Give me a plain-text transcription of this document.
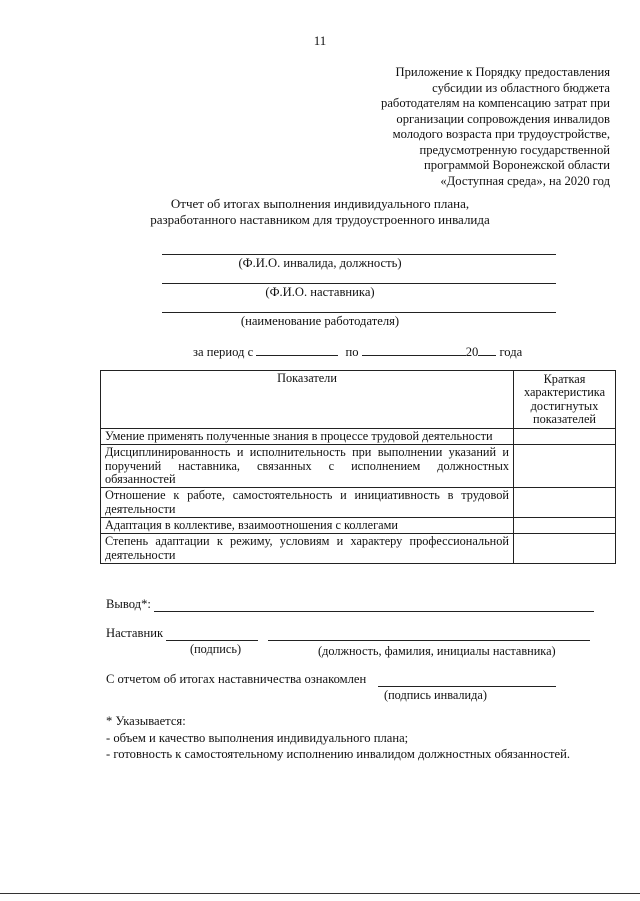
11
Приложение к Порядку предоставления
субсидии из областного бюджета
работодателям на компенсацию затрат при
организации сопровождения инвалидов
молодого возраста при трудоустройстве,
предусмотренную государственной
программой Воронежской области
«Доступная среда», на 2020 год
Отчет об итогах выполнения индивидуального плана,
разработанного наставником для трудоустроенного инвалида
(Ф.И.О. инвалида, должность)
(Ф.И.О. наставника)
(наименование работодателя)
за период с	по	20 года
Показатели	Краткая характеристика достигнутых показателей
Умение применять полученные знания в процессе трудовой деятельности	
Дисциплинированность и исполнительность при выполнении указаний и поручений наставника, связанных с исполнением должностных обязанностей	
Отношение к работе, самостоятельность и инициативность в трудовой деятельности	
Адаптация в коллективе, взаимоотношения с коллегами	
Степень адаптации к режиму, условиям и характеру профессиональной деятельности	
Вывод*:
Наставник
(подпись)	(должность, фамилия, инициалы наставника)
С отчетом об итогах наставничества ознакомлен
(подпись инвалида)
* Указывается:
- объем и качество выполнения индивидуального плана;
- готовность к самостоятельному исполнению инвалидом должностных обязанностей.
